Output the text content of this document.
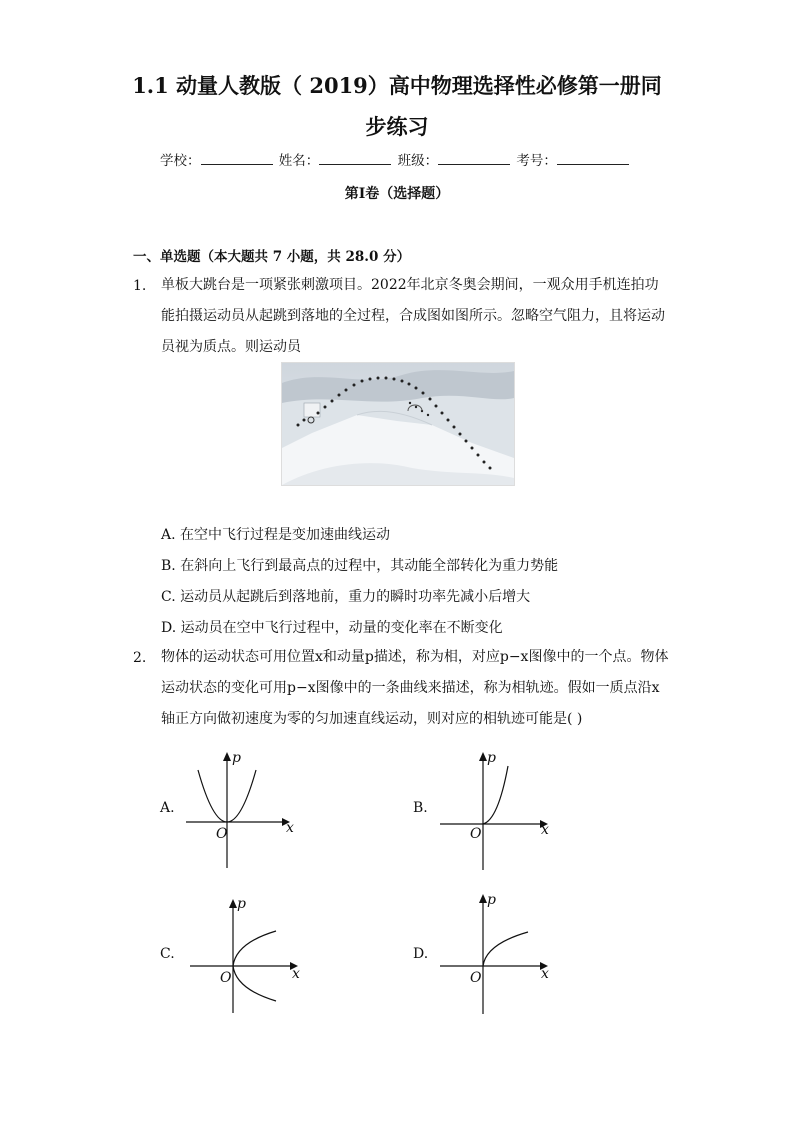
1.1 动量人教版（ 2019）高中物理选择性必修第一册同
步练习
学校：	姓名：	班级：	考号：
第I卷（选择题）
一、单选题（本大题共 7 小题，共 28.0 分）
1. 单板大跳台是一项紧张刺激项目。2022年北京冬奥会期间，一观众用手机连拍功
能拍摄运动员从起跳到落地的全过程，合成图如图所示。忽略空气阻力，且将运动
员视为质点。则运动员
A. 在空中飞行过程是变加速曲线运动
B. 在斜向上飞行到最高点的过程中，其动能全部转化为重力势能
C. 运动员从起跳后到落地前，重力的瞬时功率先减小后增大
D. 运动员在空中飞行过程中，动量的变化率在不断变化
2. 物体的运动状态可用位置x和动量p描述，称为相，对应p−x图像中的一个点。物体
运动状态的变化可用p−x图像中的一条曲线来描述，称为相轨迹。假如一质点沿x
轴正方向做初速度为零的匀加速直线运动，则对应的相轨迹可能是( )
A.
p
x
O
B.
p
x
O
C.
p
x
O
D.
p
x
O
